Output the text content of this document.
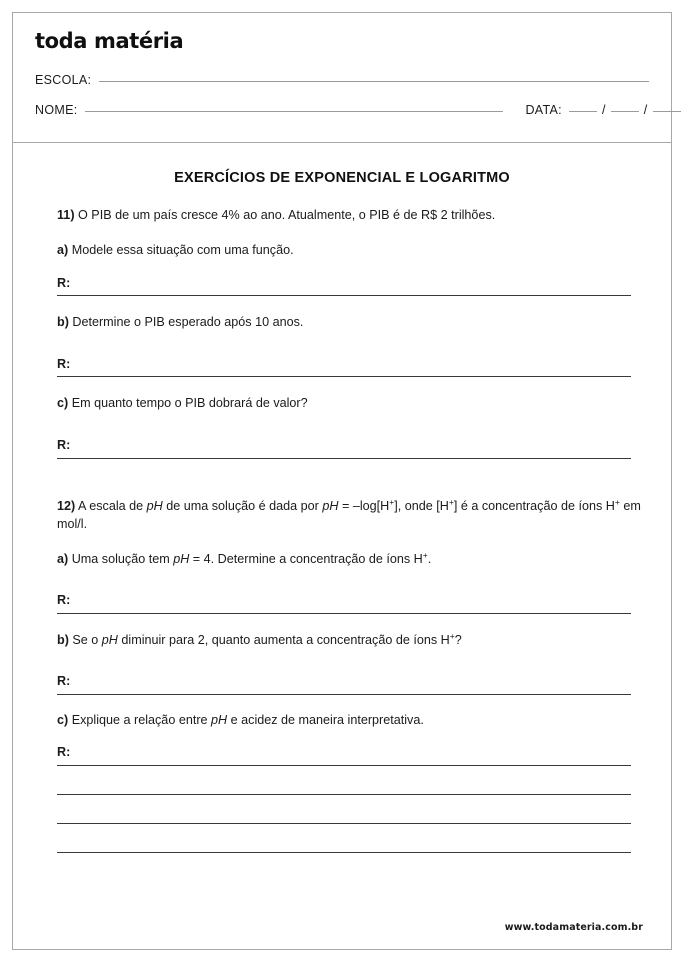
toda matéria
ESCOLA:
NOME:	DATA:	/	/
EXERCÍCIOS DE EXPONENCIAL E LOGARITMO

11) O PIB de um país cresce 4% ao ano. Atualmente, o PIB é de R$ 2 trilhões.

a) Modele essa situação com uma função.

R:

b) Determine o PIB esperado após 10 anos.

R:

c) Em quanto tempo o PIB dobrará de valor?

R:

12) A escala de pH de uma solução é dada por pH = –log[H+], onde [H+] é a concentração de íons H+ em mol/l.

a) Uma solução tem pH = 4. Determine a concentração de íons H+.

R:

b) Se o pH diminuir para 2, quanto aumenta a concentração de íons H+?

R:

c) Explique a relação entre pH e acidez de maneira interpretativa.

R:
www.todamateria.com.br
